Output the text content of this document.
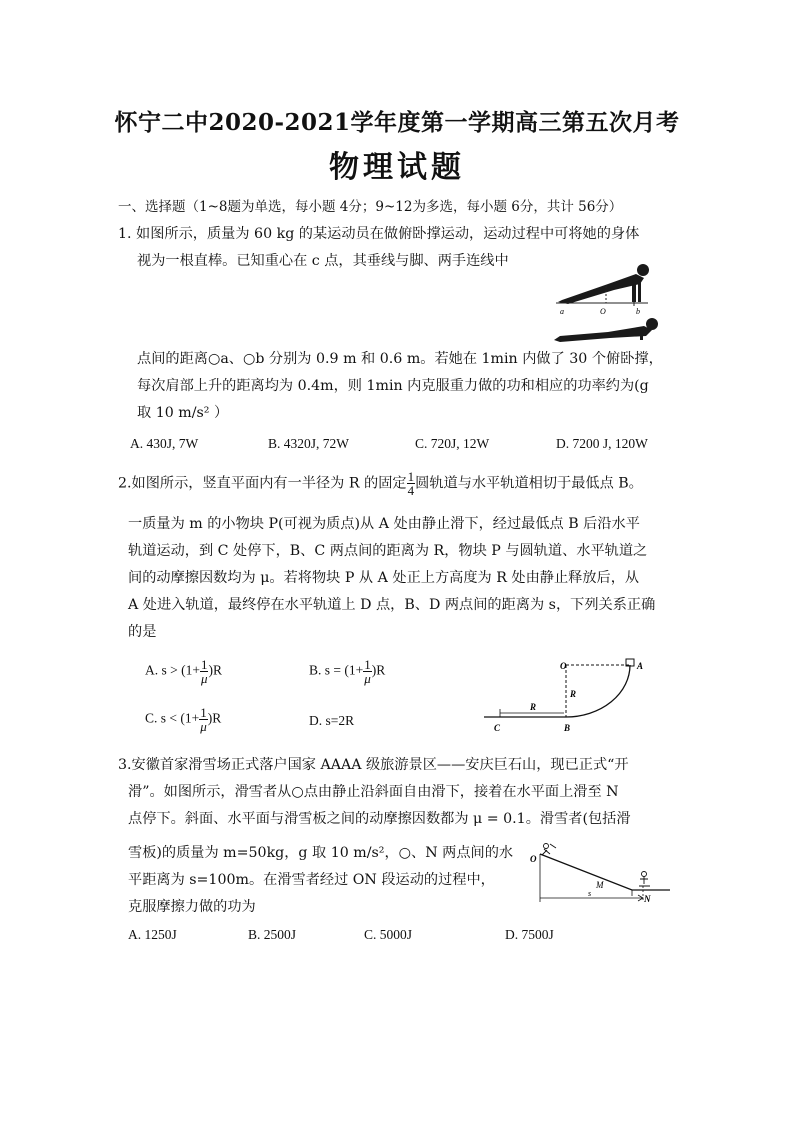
怀宁二中2020-2021学年度第一学期高三第五次月考
物理试题
一、选择题（1~8题为单选，每小题 4分；9~12为多选，每小题 6分，共计 56分）
1. 如图所示，质量为 60 kg 的某运动员在做俯卧撑运动，运动过程中可将她的身体
视为一根直棒。已知重心在 c 点，其垂线与脚、两手连线中
a	O	b
点间的距离○a、○b 分别为 0.9 m 和 0.6 m。若她在 1min 内做了 30 个俯卧撑，
每次肩部上升的距离均为 0.4m，则 1min 内克服重力做的功和相应的功率约为(g
取 10 m/s² ）
A. 430J, 7W	B. 4320J, 72W	C. 720J, 12W	D. 7200 J, 120W
2.如图所示，竖直平面内有一半径为 R 的固定 $\frac{1}{4}$ 圆轨道与水平轨道相切于最低点 B。
一质量为 m 的小物块 P(可视为质点)从 A 处由静止滑下，经过最低点 B 后沿水平
轨道运动，到 C 处停下，B、C 两点间的距离为 R，物块 P 与圆轨道、水平轨道之
间的动摩擦因数均为 μ。若将物块 P 从 A 处正上方高度为 R 处由静止释放后，从
A 处进入轨道，最终停在水平轨道上 D 点，B、D 两点间的距离为 s，下列关系正确
的是
A. $s > (1+ \frac{1}{\mu} )R$	B. $s = (1+ \frac{1}{\mu} )R$
C. $s < (1+ \frac{1}{\mu} )R$	D. s=2R
O	A
R
R
C	B
3.安徽首家滑雪场正式落户国家 AAAA 级旅游景区——安庆巨石山，现已正式“开
滑”。如图所示，滑雪者从○点由静止沿斜面自由滑下，接着在水平面上滑至 N
点停下。斜面、水平面与滑雪板之间的动摩擦因数都为 μ = 0.1。滑雪者(包括滑
雪板)的质量为 m=50kg，g 取 10 m/s²，○、N 两点间的水
平距离为 s=100m。在滑雪者经过 ON 段运动的过程中，
克服摩擦力做的功为
O
M
s
N
A. 1250J	B. 2500J	C. 5000J	D. 7500J
